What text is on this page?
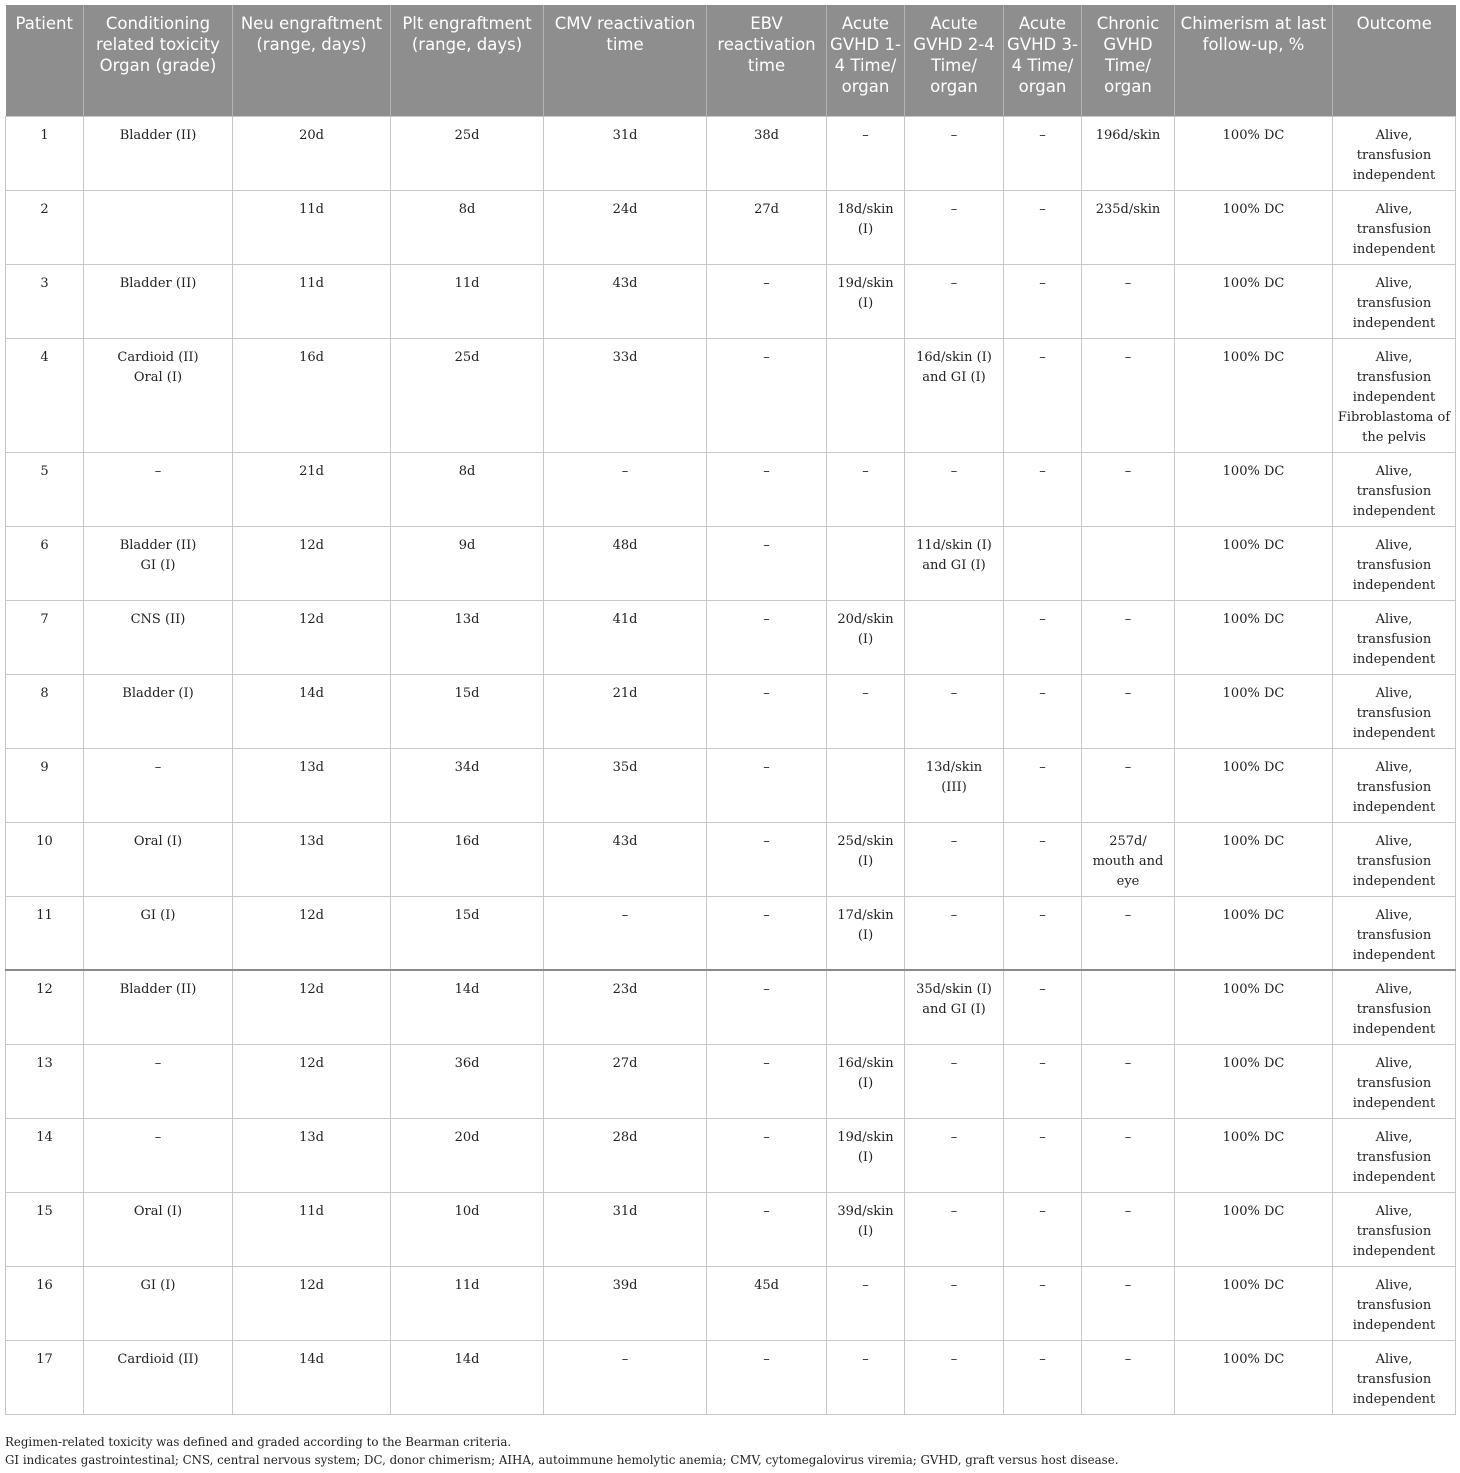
Patient	Conditioning related toxicity Organ (grade)	Neu engraftment (range, days)	Plt engraftment (range, days)	CMV reactivation time	EBV reactivation time	Acute GVHD 1-4 Time/ organ	Acute GVHD 2-4 Time/ organ	Acute GVHD 3-4 Time/ organ	Chronic GVHD Time/ organ	Chimerism at last follow-up, %	Outcome
1	Bladder (II)	20d	25d	31d	38d	–	–	–	196d/skin	100% DC	Alive,
transfusion
independent

2		11d	8d	24d	27d	18d/skin
(I)	–	–	235d/skin	100% DC	Alive,
transfusion
independent

3	Bladder (II)	11d	11d	43d	–	19d/skin
(I)	–	–	–	100% DC	Alive,
transfusion
independent

4	Cardioid (II)
Oral (I)	16d	25d	33d	–		16d/skin (I)
and GI (I)	–	–	100% DC	Alive,
transfusion
independent
Fibroblastoma of
the pelvis

5	–	21d	8d	–	–	–	–	–	–	100% DC	Alive,
transfusion
independent

6	Bladder (II)
GI (I)	12d	9d	48d	–		11d/skin (I)
and GI (I)			100% DC	Alive,
transfusion
independent

7	CNS (II)	12d	13d	41d	–	20d/skin
(I)		–	–	100% DC	Alive,
transfusion
independent

8	Bladder (I)	14d	15d	21d	–	–	–	–	–	100% DC	Alive,
transfusion
independent

9	–	13d	34d	35d	–		13d/skin
(III)	–	–	100% DC	Alive,
transfusion
independent

10	Oral (I)	13d	16d	43d	–	25d/skin
(I)	–	–	257d/
mouth and
eye	100% DC	Alive,
transfusion
independent

11	GI (I)	12d	15d	–	–	17d/skin
(I)	–	–	–	100% DC	Alive,
transfusion
independent

12	Bladder (II)	12d	14d	23d	–		35d/skin (I)
and GI (I)	–		100% DC	Alive,
transfusion
independent

13	–	12d	36d	27d	–	16d/skin
(I)	–	–	–	100% DC	Alive,
transfusion
independent

14	–	13d	20d	28d	–	19d/skin
(I)	–	–	–	100% DC	Alive,
transfusion
independent

15	Oral (I)	11d	10d	31d	–	39d/skin
(I)	–	–	–	100% DC	Alive,
transfusion
independent

16	GI (I)	12d	11d	39d	45d	–	–	–	–	100% DC	Alive,
transfusion
independent

17	Cardioid (II)	14d	14d	–	–	–	–	–	–	100% DC	Alive,
transfusion
independent

Regimen-related toxicity was defined and graded according to the Bearman criteria.

GI indicates gastrointestinal; CNS, central nervous system; DC, donor chimerism; AIHA, autoimmune hemolytic anemia; CMV, cytomegalovirus viremia; GVHD, graft versus host disease.
